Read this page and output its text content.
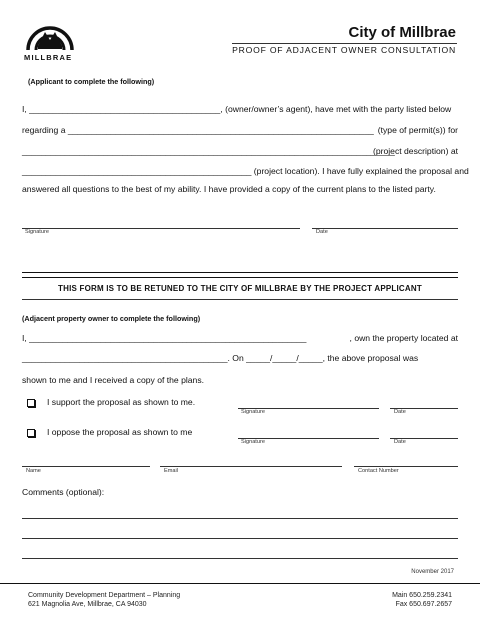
MILLBRAE
City of Millbrae
PROOF OF ADJACENT OWNER CONSULTATION
(Applicant to complete the following)
I, ________________________________________, (owner/owner’s agent), have met with the party listed below
regarding a ________________________________________________________________ (type of permit(s)) for
______________________________________________________________________________
(project description) at
________________________________________________ (project location). I have fully explained the proposal and
answered all questions to the best of my ability. I have provided a copy of the current plans to the listed party.
Signature	Date
THIS FORM IS TO BE RETUNED TO THE CITY OF MILLBRAE BY THE PROJECT APPLICANT
(Adjacent property owner to complete the following)
I, __________________________________________________________	, own the property located at
___________________________________________. On _____/_____/_____, the above proposal was
shown to me and I received a copy of the plans.
I support the proposal as shown to me.
Signature	Date
I oppose the proposal as shown to me
Signature	Date
Name	Email	Contact Number
Comments (optional):
November 2017
Community Development Department – Planning
621 Magnolia Ave, Millbrae, CA 94030
Main 650.259.2341
Fax 650.697.2657
